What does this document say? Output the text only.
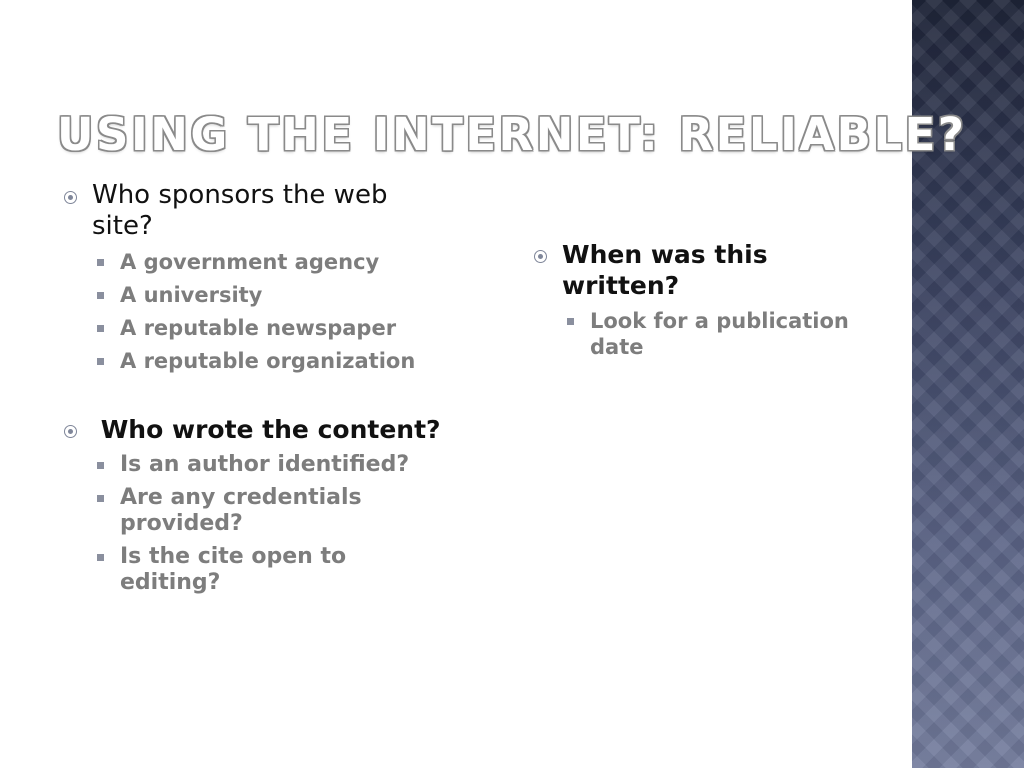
USING THE INTERNET: RELIABLE?
Who sponsors the web site?
A government agency
A university
A reputable newspaper
A reputable organization
Who wrote the content?
Is an author identified?
Are any credentials provided?
Is the cite open to editing?
When was this written?
Look for a publication date
